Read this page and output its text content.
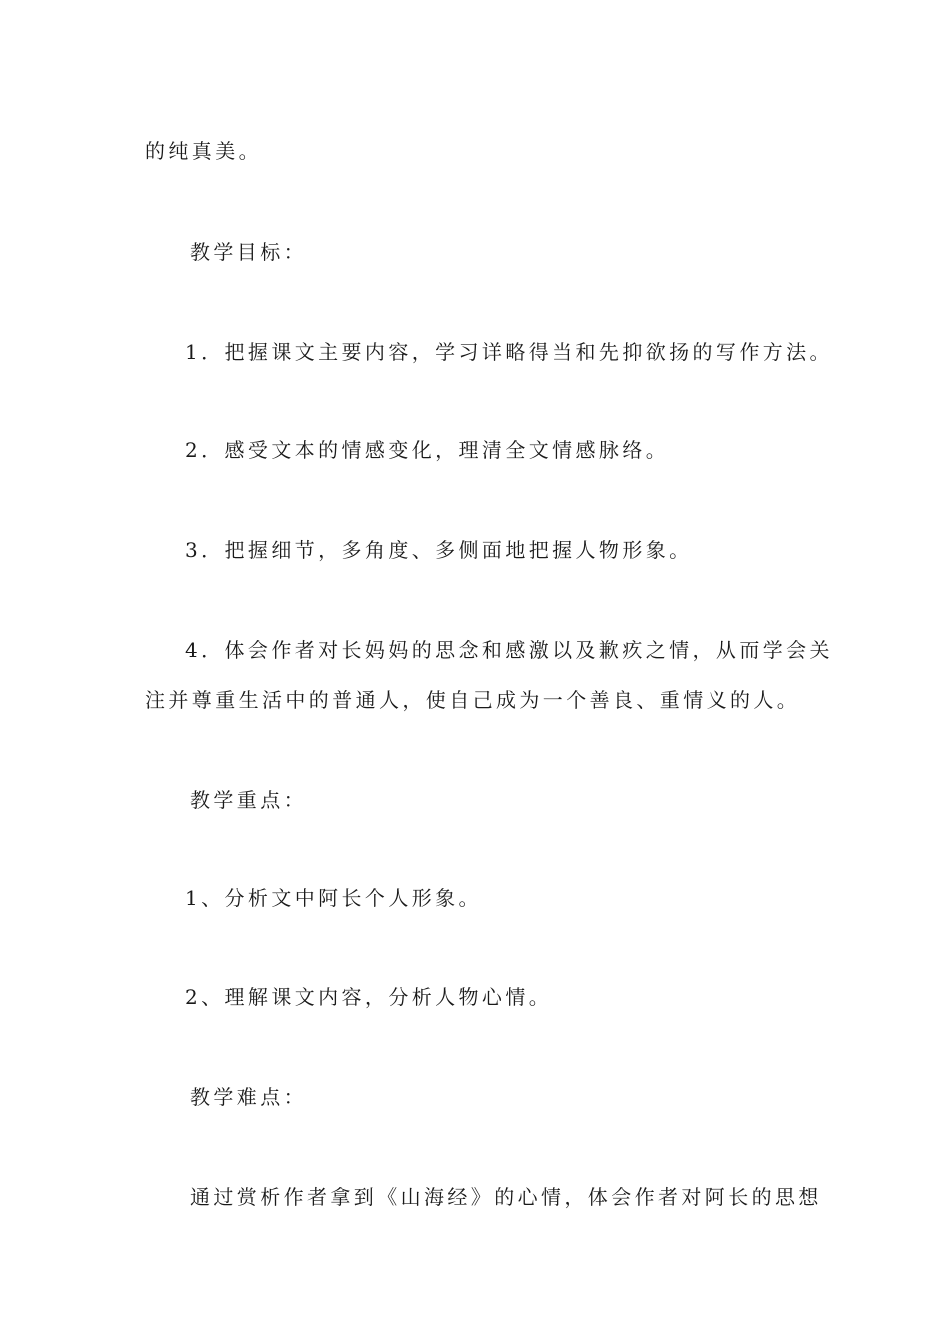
的纯真美。
教学目标：
1．把握课文主要内容，学习详略得当和先抑欲扬的写作方法。
2．感受文本的情感变化，理清全文情感脉络。
3．把握细节，多角度、多侧面地把握人物形象。
4．体会作者对长妈妈的思念和感激以及歉疚之情，从而学会关
注并尊重生活中的普通人，使自己成为一个善良、重情义的人。
教学重点：
1、分析文中阿长个人形象。
2、理解课文内容，分析人物心情。
教学难点：
通过赏析作者拿到《山海经》的心情，体会作者对阿长的思想
